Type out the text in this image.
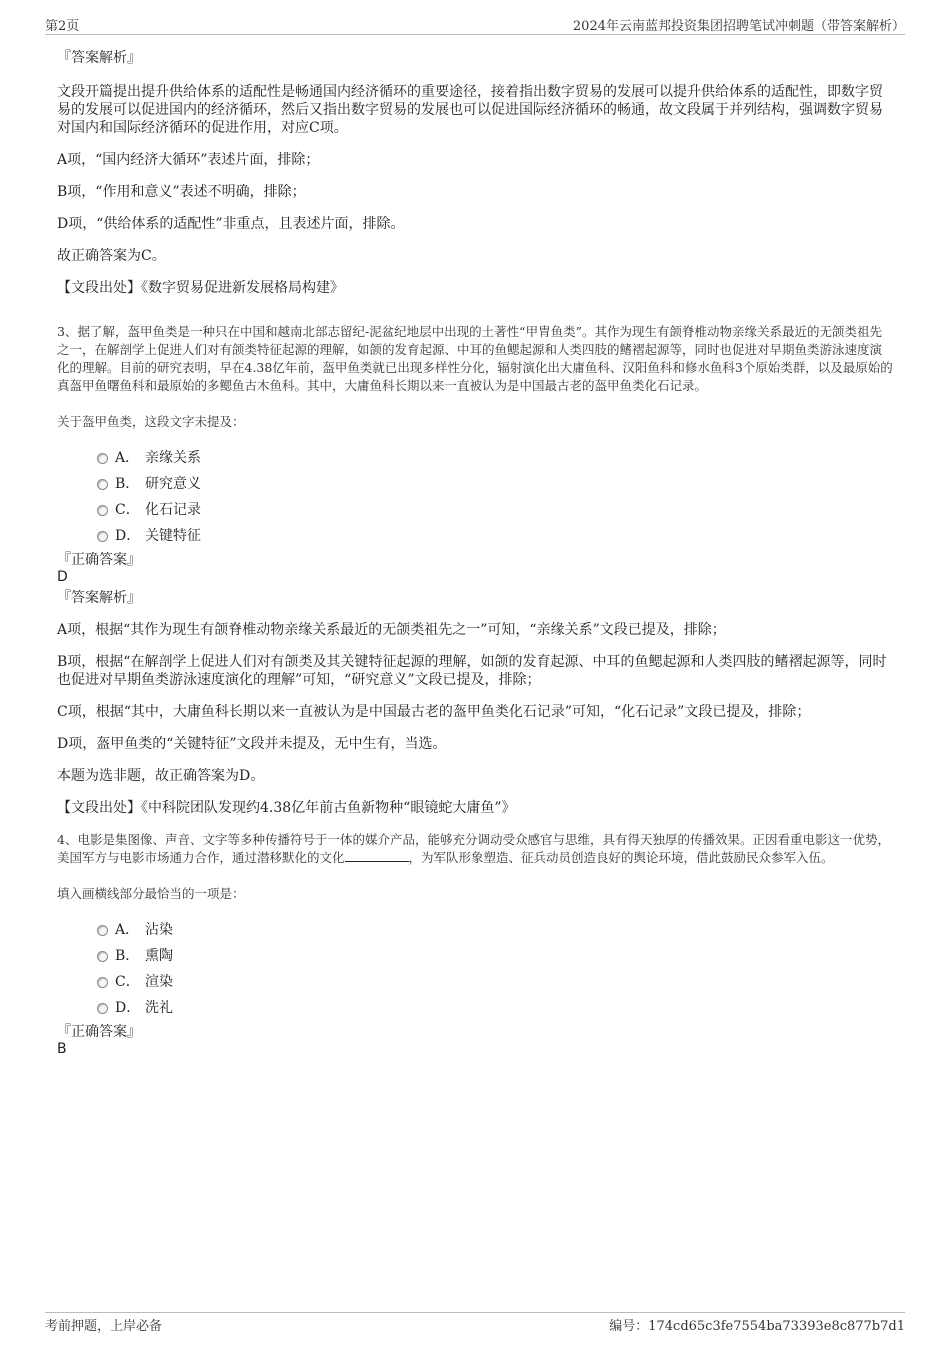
第2页	2024年云南蓝邦投资集团招聘笔试冲刺题（带答案解析）

『答案解析』

文段开篇提出提升供给体系的适配性是畅通国内经济循环的重要途径，接着指出数字贸易的发展可以提升供给体系的适配性，即数字贸易的发展可以促进国内的经济循环，然后又指出数字贸易的发展也可以促进国际经济循环的畅通，故文段属于并列结构，强调数字贸易对国内和国际经济循环的促进作用，对应C项。

A项，“国内经济大循环”表述片面，排除；

B项，“作用和意义”表述不明确，排除；

D项，“供给体系的适配性”非重点，且表述片面，排除。

故正确答案为C。

【文段出处】《数字贸易促进新发展格局构建》

3、据了解，盔甲鱼类是一种只在中国和越南北部志留纪-泥盆纪地层中出现的土著性“甲胄鱼类”。其作为现生有颌脊椎动物亲缘关系最近的无颌类祖先之一，在解剖学上促进人们对有颌类特征起源的理解，如颌的发育起源、中耳的鱼鳃起源和人类四肢的鳍褶起源等，同时也促进对早期鱼类游泳速度演化的理解。目前的研究表明，早在4.38亿年前，盔甲鱼类就已出现多样性分化，辐射演化出大庸鱼科、汉阳鱼科和修水鱼科3个原始类群，以及最原始的真盔甲鱼曙鱼科和最原始的多鳃鱼古木鱼科。其中，大庸鱼科长期以来一直被认为是中国最古老的盔甲鱼类化石记录。

关于盔甲鱼类，这段文字未提及：

A． 亲缘关系
B． 研究意义
C． 化石记录
D． 关键特征

『正确答案』

D

『答案解析』

A项，根据“其作为现生有颌脊椎动物亲缘关系最近的无颌类祖先之一”可知，“亲缘关系”文段已提及，排除；

B项，根据“在解剖学上促进人们对有颌类及其关键特征起源的理解，如颌的发育起源、中耳的鱼鳃起源和人类四肢的鳍褶起源等，同时也促进对早期鱼类游泳速度演化的理解”可知，“研究意义”文段已提及，排除；

C项，根据“其中，大庸鱼科长期以来一直被认为是中国最古老的盔甲鱼类化石记录”可知，“化石记录”文段已提及，排除；

D项，盔甲鱼类的“关键特征”文段并未提及，无中生有，当选。

本题为选非题，故正确答案为D。

【文段出处】《中科院团队发现约4.38亿年前古鱼新物种“眼镜蛇大庸鱼”》

4、电影是集图像、声音、文字等多种传播符号于一体的媒介产品，能够充分调动受众感官与思维，具有得天独厚的传播效果。正因看重电影这一优势，美国军方与电影市场通力合作，通过潜移默化的文化	，为军队形象塑造、征兵动员创造良好的舆论环境，借此鼓励民众参军入伍。

填入画横线部分最恰当的一项是：

A． 沾染
B． 熏陶
C． 渲染
D． 洗礼

『正确答案』

B

考前押题，上岸必备	编号：174cd65c3fe7554ba73393e8c877b7d1
